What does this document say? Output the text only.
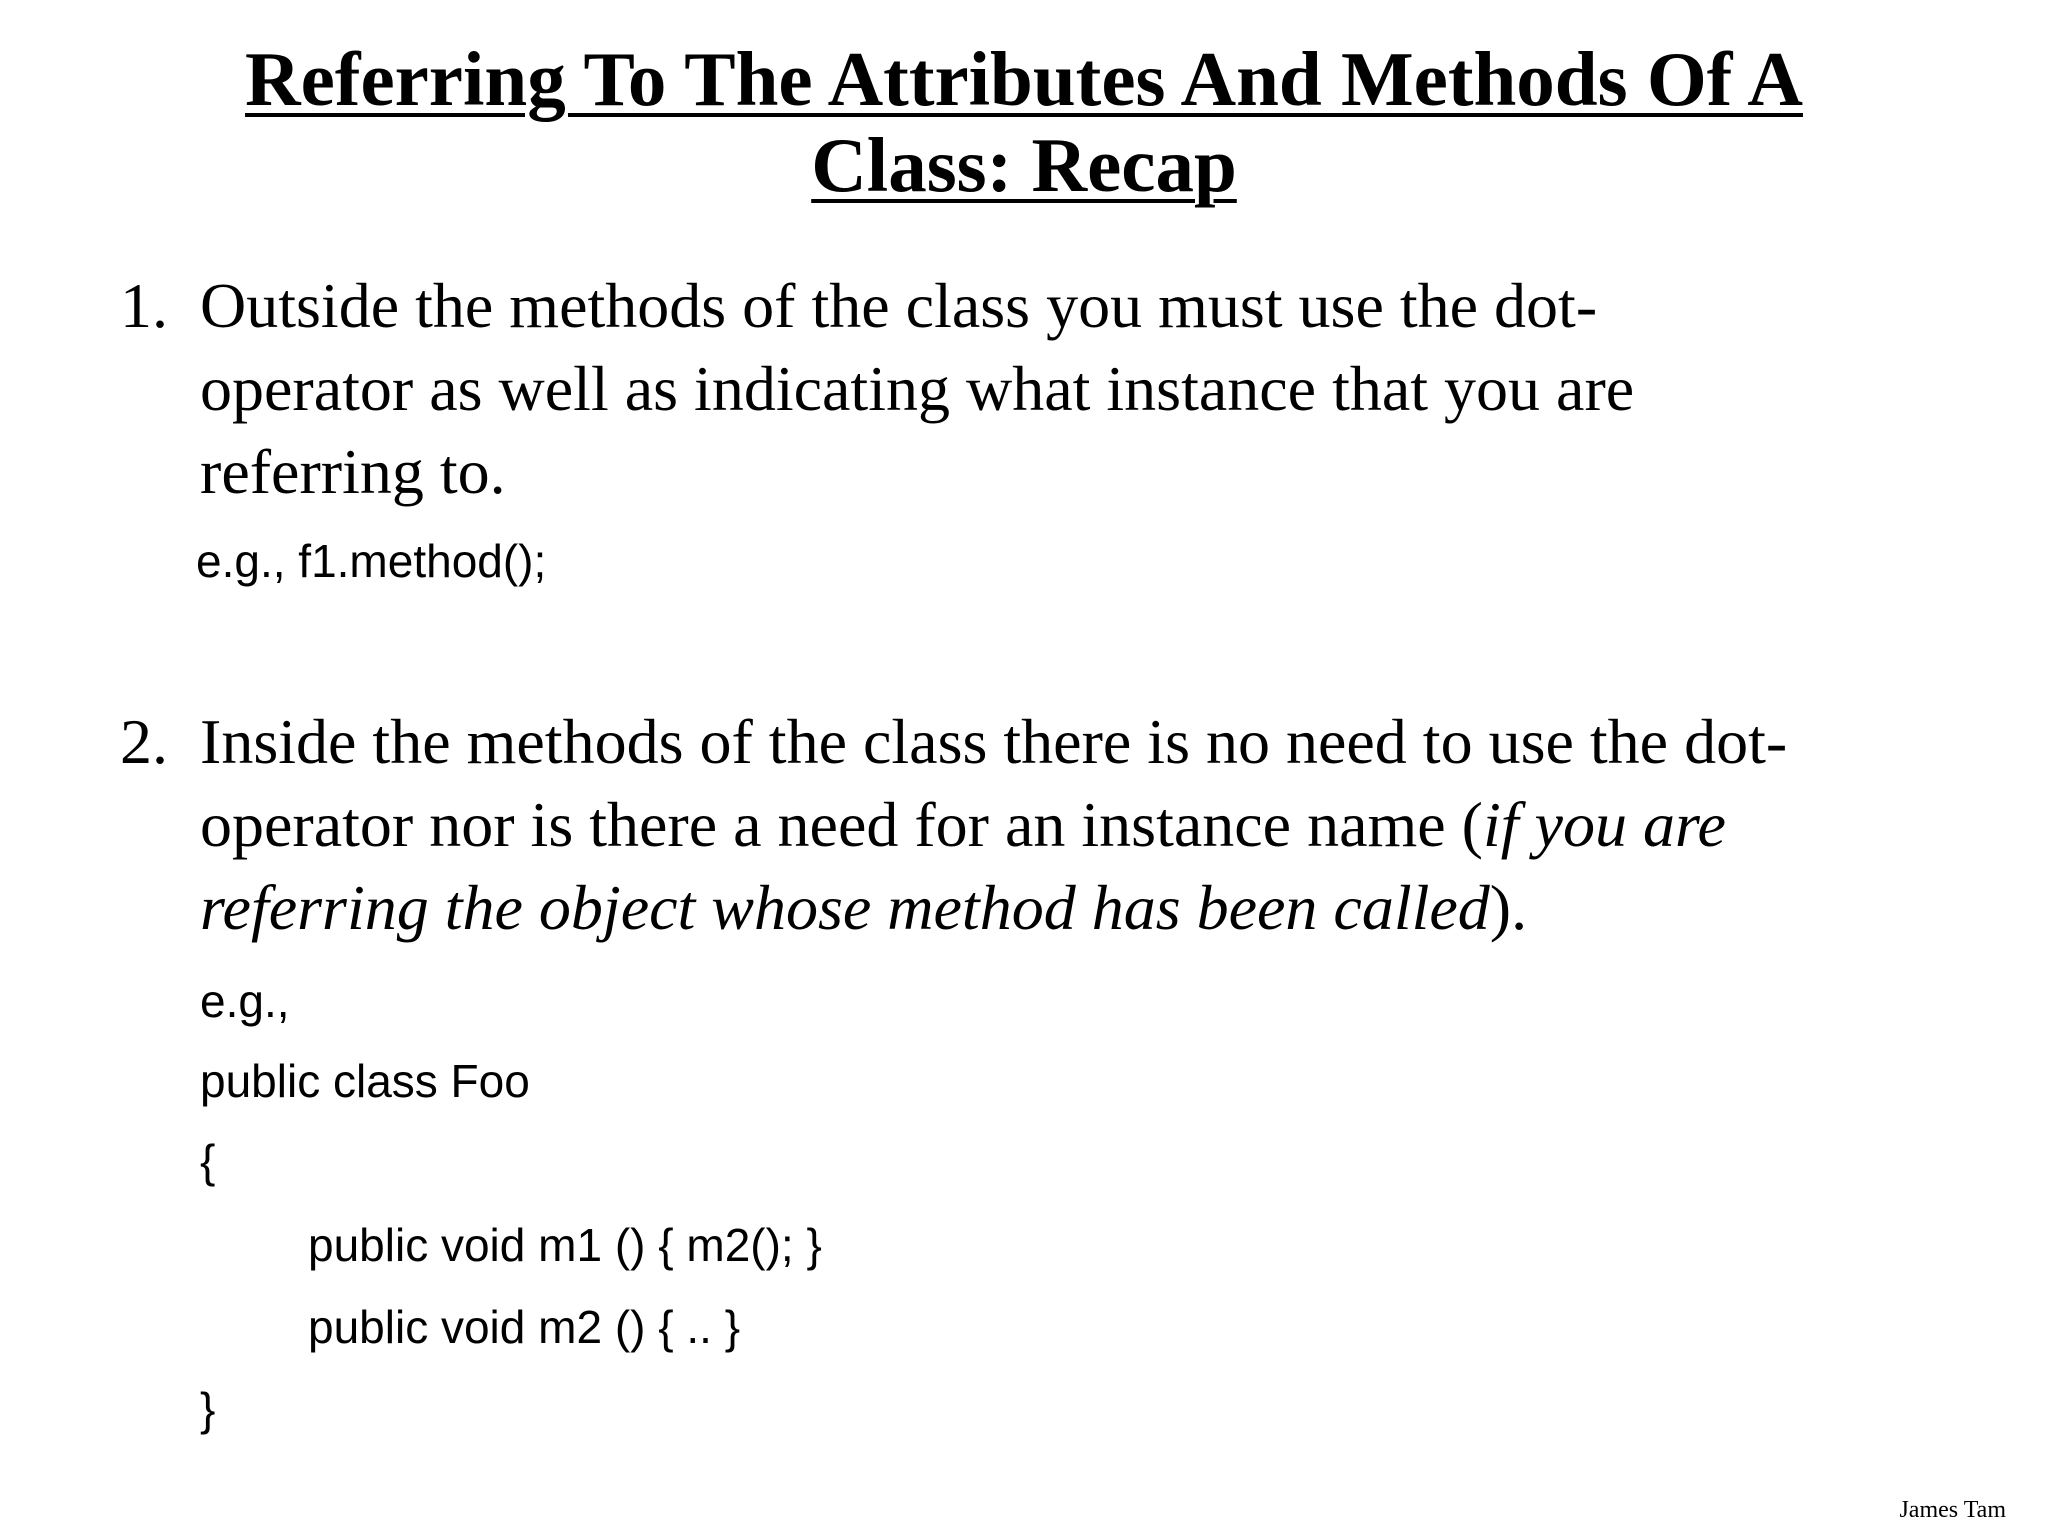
Referring To The Attributes And Methods Of A
Class: Recap
1. Outside the methods of the class you must use the dot-
operator as well as indicating what instance that you are
referring to.
e.g., f1.method();
2. Inside the methods of the class there is no need to use the dot-
operator nor is there a need for an instance name (if you are
referring the object whose method has been called).
e.g.,
public class Foo
{
public void m1 () { m2(); }
public void m2 () { .. }
}
James Tam
